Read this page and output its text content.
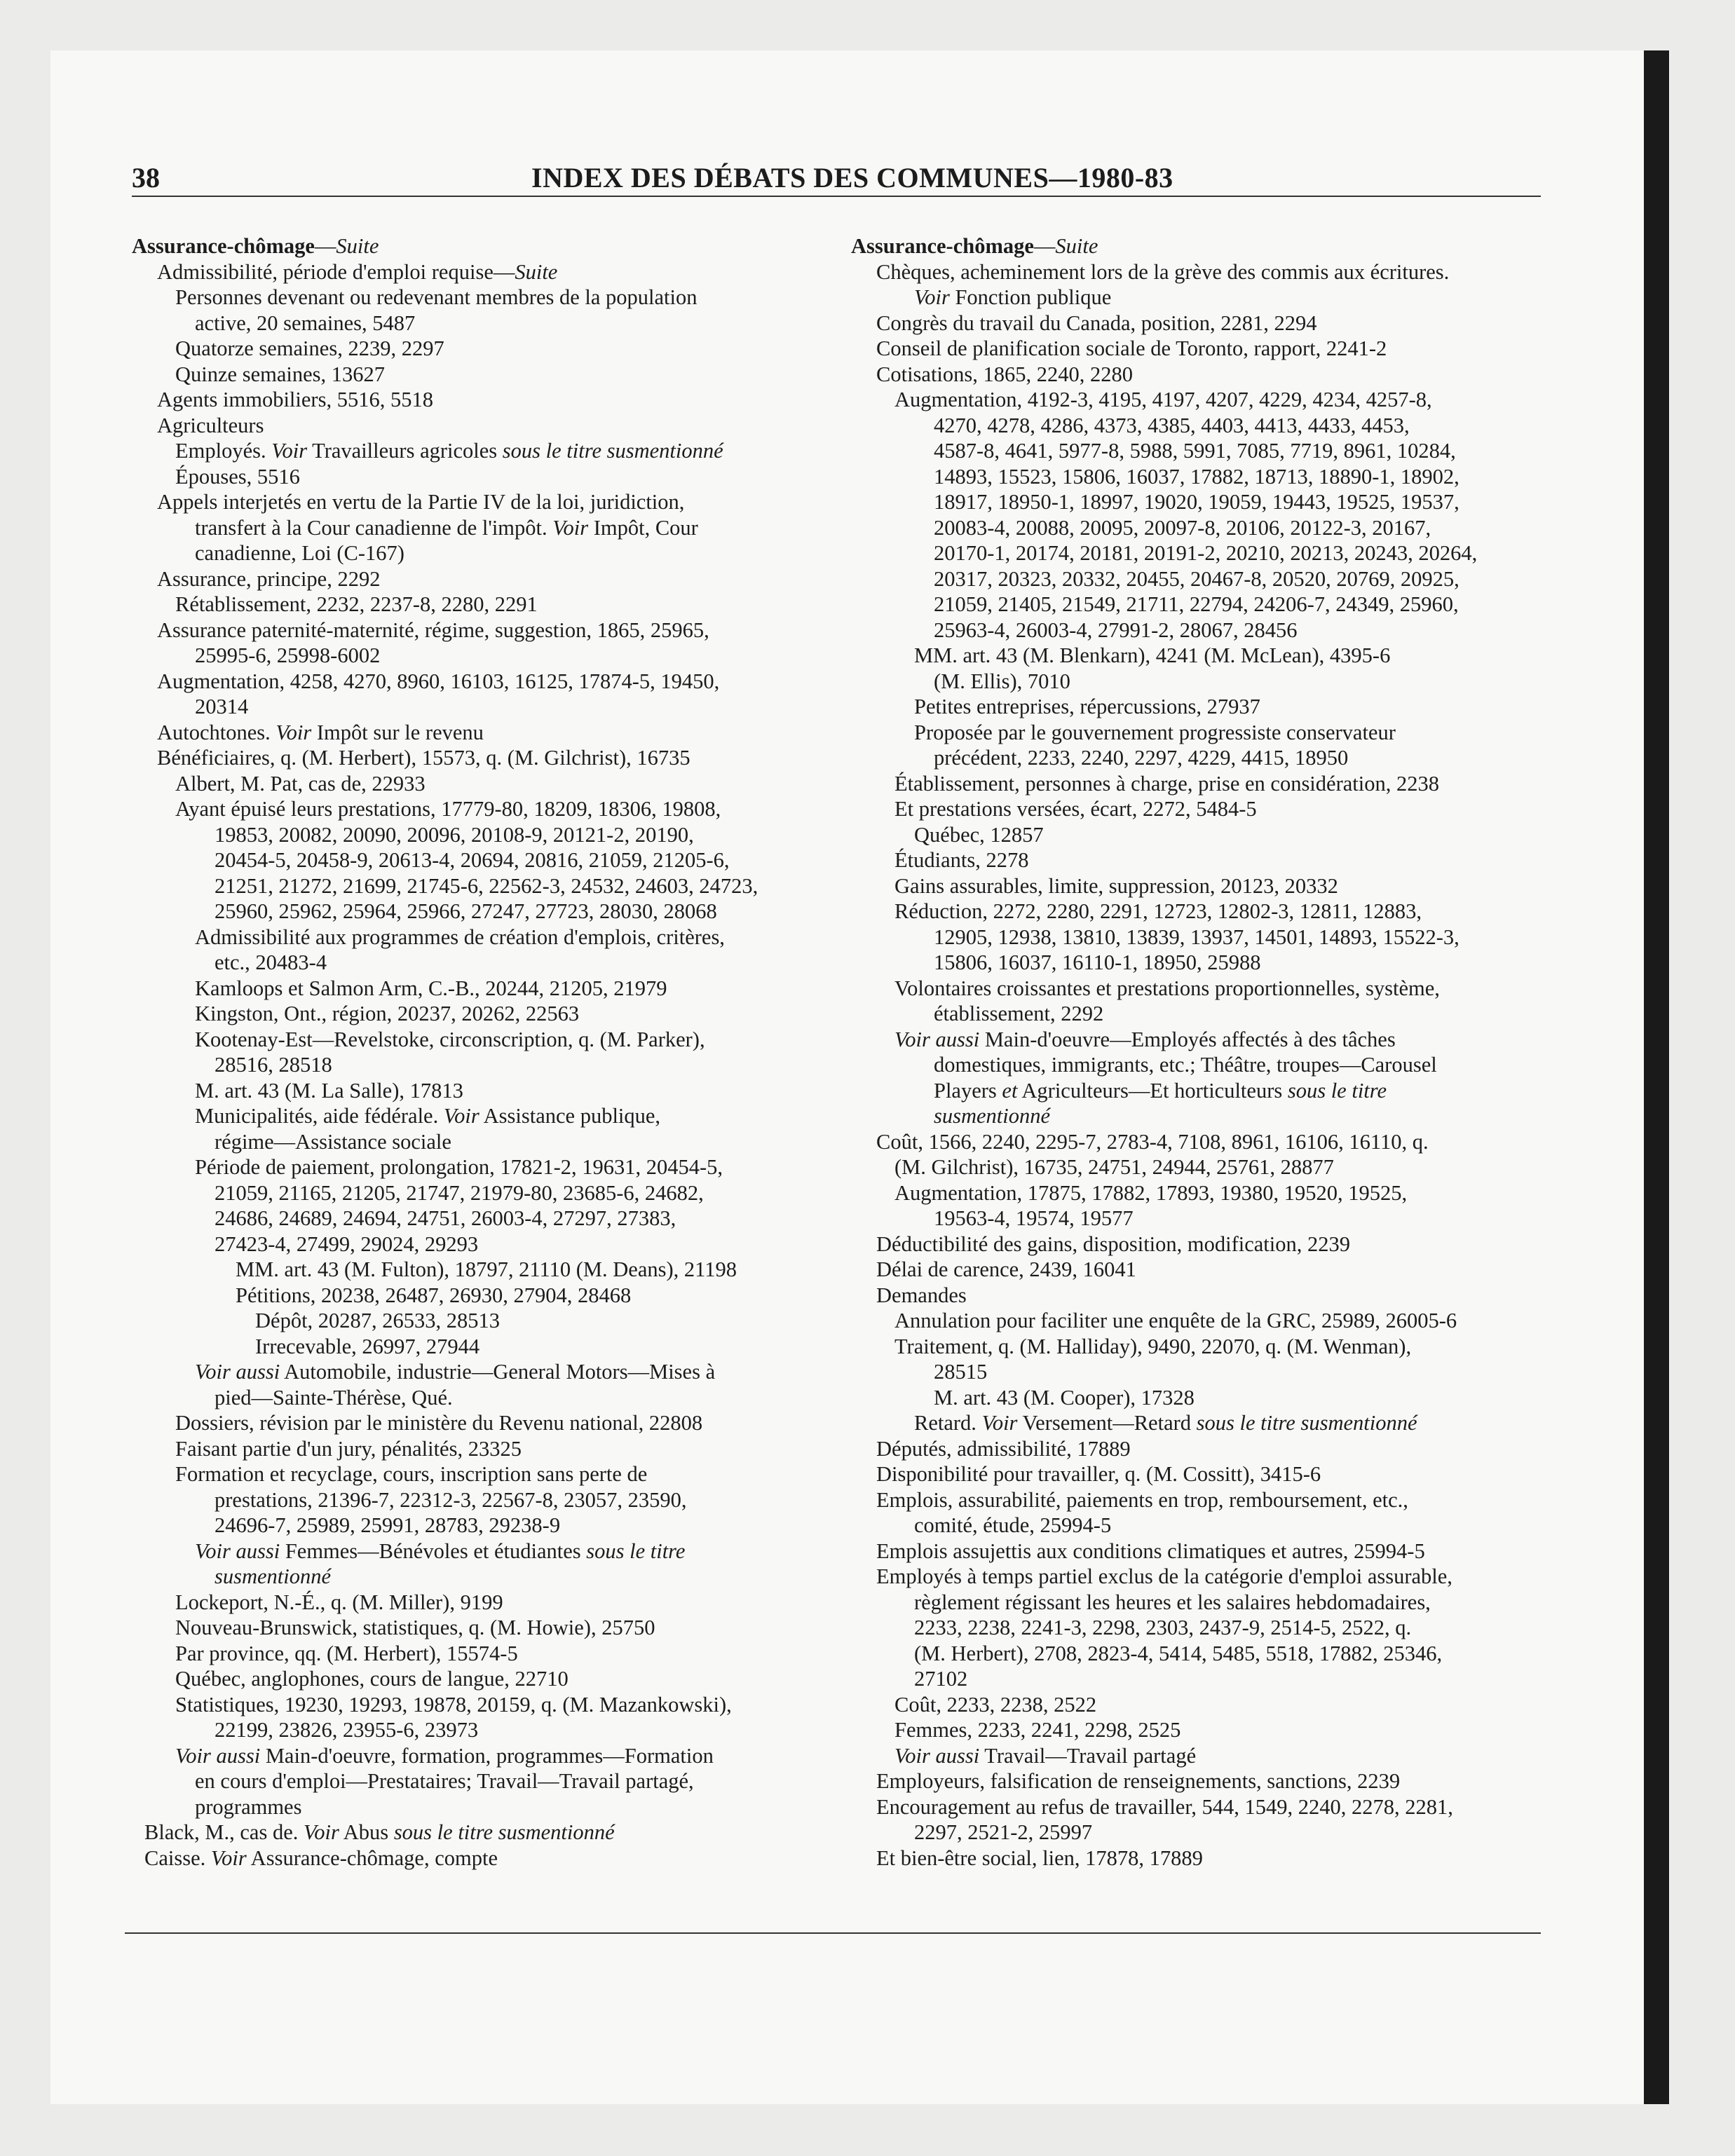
38	INDEX DES DÉBATS DES COMMUNES—1980-83
Assurance-chômage—Suite
Admissibilité, période d'emploi requise—Suite
Personnes devenant ou redevenant membres de la population
active, 20 semaines, 5487
Quatorze semaines, 2239, 2297
Quinze semaines, 13627
Agents immobiliers, 5516, 5518
Agriculteurs
Employés. Voir Travailleurs agricoles sous le titre susmentionné
Épouses, 5516
Appels interjetés en vertu de la Partie IV de la loi, juridiction,
transfert à la Cour canadienne de l'impôt. Voir Impôt, Cour
canadienne, Loi (C-167)
Assurance, principe, 2292
Rétablissement, 2232, 2237-8, 2280, 2291
Assurance paternité-maternité, régime, suggestion, 1865, 25965,
25995-6, 25998-6002
Augmentation, 4258, 4270, 8960, 16103, 16125, 17874-5, 19450,
20314
Autochtones. Voir Impôt sur le revenu
Bénéficiaires, q. (M. Herbert), 15573, q. (M. Gilchrist), 16735
Albert, M. Pat, cas de, 22933
Ayant épuisé leurs prestations, 17779-80, 18209, 18306, 19808,
19853, 20082, 20090, 20096, 20108-9, 20121-2, 20190,
20454-5, 20458-9, 20613-4, 20694, 20816, 21059, 21205-6,
21251, 21272, 21699, 21745-6, 22562-3, 24532, 24603, 24723,
25960, 25962, 25964, 25966, 27247, 27723, 28030, 28068
Admissibilité aux programmes de création d'emplois, critères,
etc., 20483-4
Kamloops et Salmon Arm, C.-B., 20244, 21205, 21979
Kingston, Ont., région, 20237, 20262, 22563
Kootenay-Est—Revelstoke, circonscription, q. (M. Parker),
28516, 28518
M. art. 43 (M. La Salle), 17813
Municipalités, aide fédérale. Voir Assistance publique,
régime—Assistance sociale
Période de paiement, prolongation, 17821-2, 19631, 20454-5,
21059, 21165, 21205, 21747, 21979-80, 23685-6, 24682,
24686, 24689, 24694, 24751, 26003-4, 27297, 27383,
27423-4, 27499, 29024, 29293
MM. art. 43 (M. Fulton), 18797, 21110 (M. Deans), 21198
Pétitions, 20238, 26487, 26930, 27904, 28468
Dépôt, 20287, 26533, 28513
Irrecevable, 26997, 27944
Voir aussi Automobile, industrie—General Motors—Mises à
pied—Sainte-Thérèse, Qué.
Dossiers, révision par le ministère du Revenu national, 22808
Faisant partie d'un jury, pénalités, 23325
Formation et recyclage, cours, inscription sans perte de
prestations, 21396-7, 22312-3, 22567-8, 23057, 23590,
24696-7, 25989, 25991, 28783, 29238-9
Voir aussi Femmes—Bénévoles et étudiantes sous le titre
susmentionné
Lockeport, N.-É., q. (M. Miller), 9199
Nouveau-Brunswick, statistiques, q. (M. Howie), 25750
Par province, qq. (M. Herbert), 15574-5
Québec, anglophones, cours de langue, 22710
Statistiques, 19230, 19293, 19878, 20159, q. (M. Mazankowski),
22199, 23826, 23955-6, 23973
Voir aussi Main-d'oeuvre, formation, programmes—Formation
en cours d'emploi—Prestataires; Travail—Travail partagé,
programmes
Black, M., cas de. Voir Abus sous le titre susmentionné
Caisse. Voir Assurance-chômage, compte
Assurance-chômage—Suite
Chèques, acheminement lors de la grève des commis aux écritures.
Voir Fonction publique
Congrès du travail du Canada, position, 2281, 2294
Conseil de planification sociale de Toronto, rapport, 2241-2
Cotisations, 1865, 2240, 2280
Augmentation, 4192-3, 4195, 4197, 4207, 4229, 4234, 4257-8,
4270, 4278, 4286, 4373, 4385, 4403, 4413, 4433, 4453,
4587-8, 4641, 5977-8, 5988, 5991, 7085, 7719, 8961, 10284,
14893, 15523, 15806, 16037, 17882, 18713, 18890-1, 18902,
18917, 18950-1, 18997, 19020, 19059, 19443, 19525, 19537,
20083-4, 20088, 20095, 20097-8, 20106, 20122-3, 20167,
20170-1, 20174, 20181, 20191-2, 20210, 20213, 20243, 20264,
20317, 20323, 20332, 20455, 20467-8, 20520, 20769, 20925,
21059, 21405, 21549, 21711, 22794, 24206-7, 24349, 25960,
25963-4, 26003-4, 27991-2, 28067, 28456
MM. art. 43 (M. Blenkarn), 4241 (M. McLean), 4395-6
(M. Ellis), 7010
Petites entreprises, répercussions, 27937
Proposée par le gouvernement progressiste conservateur
précédent, 2233, 2240, 2297, 4229, 4415, 18950
Établissement, personnes à charge, prise en considération, 2238
Et prestations versées, écart, 2272, 5484-5
Québec, 12857
Étudiants, 2278
Gains assurables, limite, suppression, 20123, 20332
Réduction, 2272, 2280, 2291, 12723, 12802-3, 12811, 12883,
12905, 12938, 13810, 13839, 13937, 14501, 14893, 15522-3,
15806, 16037, 16110-1, 18950, 25988
Volontaires croissantes et prestations proportionnelles, système,
établissement, 2292
Voir aussi Main-d'oeuvre—Employés affectés à des tâches
domestiques, immigrants, etc.; Théâtre, troupes—Carousel
Players et Agriculteurs—Et horticulteurs sous le titre
susmentionné
Coût, 1566, 2240, 2295-7, 2783-4, 7108, 8961, 16106, 16110, q.
(M. Gilchrist), 16735, 24751, 24944, 25761, 28877
Augmentation, 17875, 17882, 17893, 19380, 19520, 19525,
19563-4, 19574, 19577
Déductibilité des gains, disposition, modification, 2239
Délai de carence, 2439, 16041
Demandes
Annulation pour faciliter une enquête de la GRC, 25989, 26005-6
Traitement, q. (M. Halliday), 9490, 22070, q. (M. Wenman),
28515
M. art. 43 (M. Cooper), 17328
Retard. Voir Versement—Retard sous le titre susmentionné
Députés, admissibilité, 17889
Disponibilité pour travailler, q. (M. Cossitt), 3415-6
Emplois, assurabilité, paiements en trop, remboursement, etc.,
comité, étude, 25994-5
Emplois assujettis aux conditions climatiques et autres, 25994-5
Employés à temps partiel exclus de la catégorie d'emploi assurable,
règlement régissant les heures et les salaires hebdomadaires,
2233, 2238, 2241-3, 2298, 2303, 2437-9, 2514-5, 2522, q.
(M. Herbert), 2708, 2823-4, 5414, 5485, 5518, 17882, 25346,
27102
Coût, 2233, 2238, 2522
Femmes, 2233, 2241, 2298, 2525
Voir aussi Travail—Travail partagé
Employeurs, falsification de renseignements, sanctions, 2239
Encouragement au refus de travailler, 544, 1549, 2240, 2278, 2281,
2297, 2521-2, 25997
Et bien-être social, lien, 17878, 17889
